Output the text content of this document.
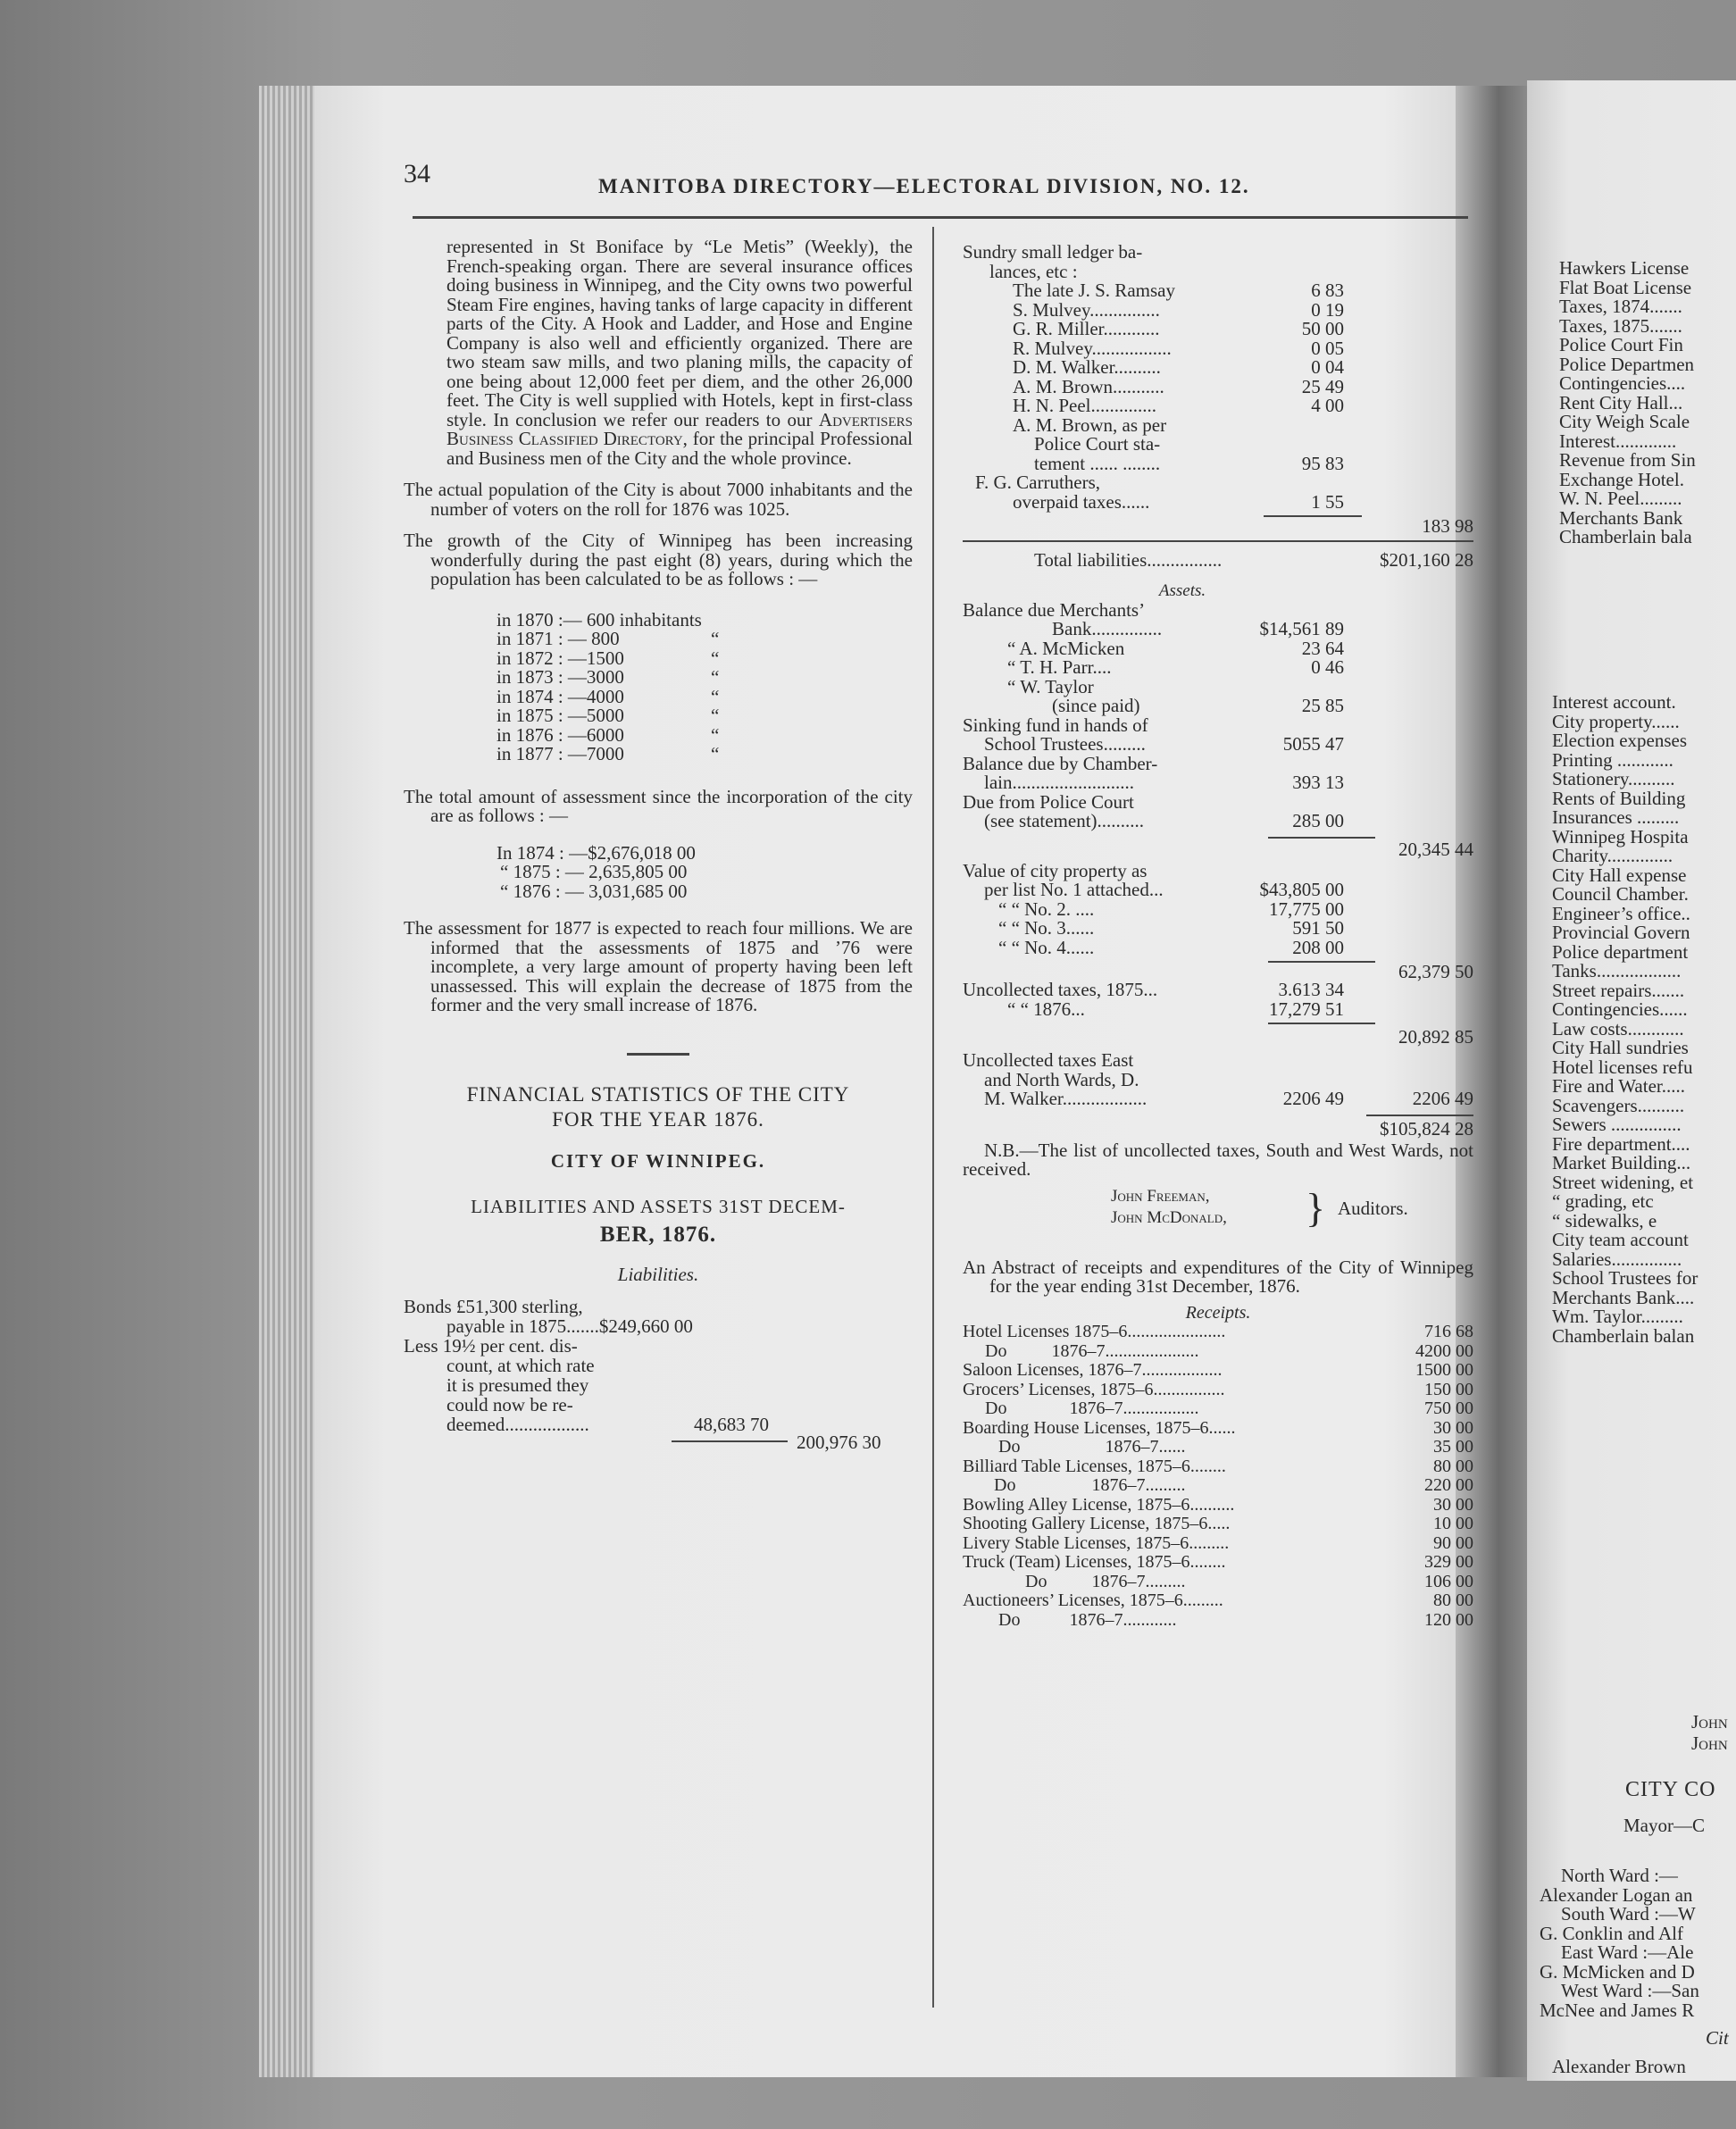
34	MANITOBA DIRECTORY—ELECTORAL DIVISION, NO. 12.

represented in St Boniface by “Le Metis” (Weekly), the French-speaking organ. There are several insurance offices doing business in Winnipeg, and the City owns two powerful Steam Fire engines, having tanks of large capacity in different parts of the City. A Hook and Ladder, and Hose and Engine Company is also well and efficiently organized. There are two steam saw mills, and two planing mills, the capacity of one being about 12,000 feet per diem, and the other 26,000 feet. The City is well supplied with Hotels, kept in first-class style. In conclusion we refer our readers to our Advertisers Business Classified Directory, for the principal Professional and Business men of the City and the whole province.

The actual population of the City is about 7000 inhabitants and the number of voters on the roll for 1876 was 1025.

The growth of the City of Winnipeg has been increasing wonderfully during the past eight (8) years, during which the population has been calculated to be as follows : —

in 1870 :— 600 inhabitants
in 1871 : — 800	“
in 1872 : —1500	“
in 1873 : —3000	“
in 1874 : —4000	“
in 1875 : —5000	“
in 1876 : —6000	“
in 1877 : —7000	“

The total amount of assessment since the incorporation of the city are as follows : —

In 1874 : —$2,676,018 00
“ 1875 : — 2,635,805 00
“ 1876 : — 3,031,685 00

The assessment for 1877 is expected to reach four millions. We are informed that the assessments of 1875 and ’76 were incomplete, a very large amount of property having been left unassessed. This will explain the decrease of 1875 from the former and the very small increase of 1876.

FINANCIAL STATISTICS OF THE CITY
FOR THE YEAR 1876.
CITY OF WINNIPEG.
LIABILITIES AND ASSETS 31ST DECEM-
BER, 1876.
Liabilities.
Bonds £51,300 sterling,
payable in 1875.......$249,660 00
Less 19½ per cent. dis-
count, at which rate
it is presumed they
could now be re-
deemed..................	48,683 70
200,976 30
Sundry small ledger ba-
lances, etc :
The late J. S. Ramsay	6 83
S. Mulvey...............	0 19
G. R. Miller............	50 00
R. Mulvey.................	0 05
D. M. Walker..........	0 04
A. M. Brown...........	25 49
H. N. Peel..............	4 00
A. M. Brown, as per
Police Court sta-
tement ...... ........	95 83
F. G. Carruthers,
overpaid taxes......	1 55
183 98
Total liabilities................	$201,160 28
Assets.
Balance due Merchants’
Bank...............	$14,561 89
“ A. McMicken	23 64
“ T. H. Parr....	0 46
“ W. Taylor
(since paid)	25 85
Sinking fund in hands of
School Trustees.........	5055 47
Balance due by Chamber-
lain..........................	393 13
Due from Police Court
(see statement)..........	285 00
20,345 44
Value of city property as
per list No. 1 attached...	$43,805 00
“ “ No. 2. ....	17,775 00
“ “ No. 3......	591 50
“ “ No. 4......	208 00
62,379 50
Uncollected taxes, 1875...	3.613 34
“ “ 1876...	17,279 51
20,892 85
Uncollected taxes East
and North Wards, D.
M. Walker..................	2206 49	2206 49
$105,824 28

N.B.—The list of uncollected taxes, South and West Wards, not received.

John Freeman,
John McDonald, } Auditors.

An Abstract of receipts and expenditures of the City of Winnipeg for the year ending 31st December, 1876.

Receipts.
Hotel Licenses 1875–6......................	716 68
Do          1876–7.....................	4200 00
Saloon Licenses, 1876–7..................	1500 00
Grocers’ Licenses, 1875–6................	150 00
Do              1876–7.................	750 00
Boarding House Licenses, 1875–6......	30 00
Do                   1876–7......	35 00
Billiard Table Licenses, 1875–6........	80 00
Do                 1876–7.........	220 00
Bowling Alley License, 1875–6..........	30 00
Shooting Gallery License, 1875–6.....	10 00
Livery Stable Licenses, 1875–6.........	90 00
Truck (Team) Licenses, 1875–6........	329 00
Do          1876–7.........	106 00
Auctioneers’ Licenses, 1875–6.........	80 00
Do           1876–7............	120 00
Hawkers License
Flat Boat License
Taxes, 1874.......
Taxes, 1875.......
Police Court Fin
Police Departmen
Contingencies....
Rent City Hall...
City Weigh Scale
Interest.............
Revenue from Sin
Exchange Hotel.
W. N. Peel.........
Merchants Bank
Chamberlain bala
Interest account.
City property......
Election expenses
Printing ............
Stationery..........
Rents of Building
Insurances .........
Winnipeg Hospita
Charity..............
City Hall expense
Council Chamber.
Engineer’s office..
Provincial Govern
Police department
Tanks..................
Street repairs.......
Contingencies......
Law costs............
City Hall sundries
Hotel licenses refu
Fire and Water.....
Scavengers..........
Sewers ...............
Fire department....
Market Building...
Street widening, et
“ grading, etc
“ sidewalks, e
City team account
Salaries...............
School Trustees for
Merchants Bank....
Wm. Taylor.........
Chamberlain balan
John
John
CITY CO
Mayor—C
North Ward :—
Alexander Logan an
South Ward :—W
G. Conklin and Alf
East Ward :—Ale
G. McMicken and D
West Ward :—San
McNee and James R
Cit
Alexander Brown
